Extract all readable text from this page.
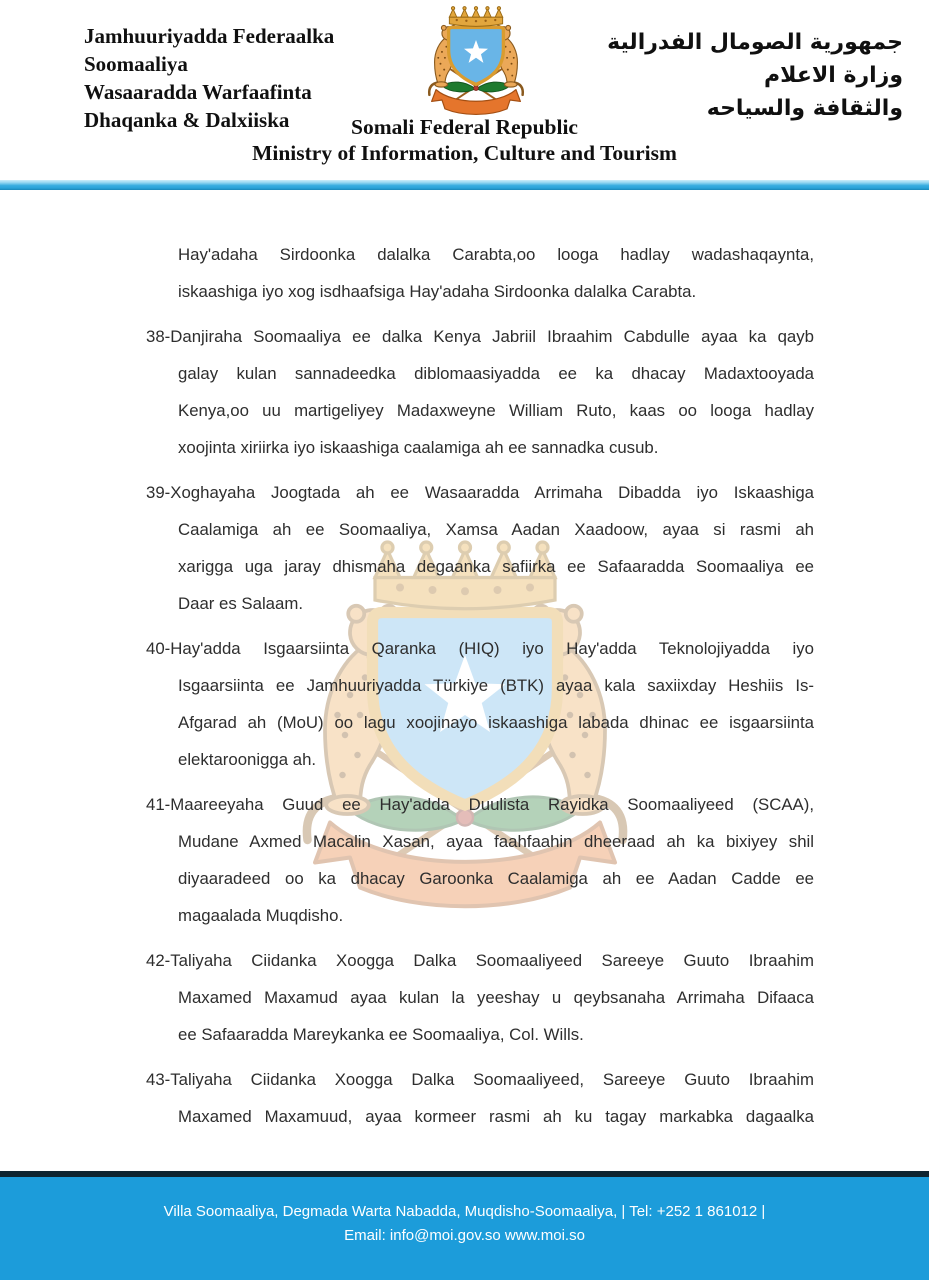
Jamhuuriyadda Federaalka
Soomaaliya
Wasaaradda Warfaafinta
Dhaqanka & Dalxiiska
جمهورية الصومال الفدرالية
وزارة الاعلام
والثقافة والسياحه
Somali Federal Republic
Ministry of Information, Culture and Tourism
Hay'adaha Sirdoonka dalalka Carabta,oo looga hadlay wadashaqaynta,
iskaashiga iyo xog isdhaafsiga Hay'adaha Sirdoonka dalalka Carabta.
38-Danjiraha Soomaaliya ee dalka Kenya Jabriil Ibraahim Cabdulle ayaa ka qayb
galay kulan sannadeedka diblomaasiyadda ee ka dhacay Madaxtooyada
Kenya,oo uu martigeliyey Madaxweyne William Ruto, kaas oo looga hadlay
xoojinta xiriirka iyo iskaashiga caalamiga ah ee sannadka cusub.
39-Xoghayaha Joogtada ah ee Wasaaradda Arrimaha Dibadda iyo Iskaashiga
Caalamiga ah ee Soomaaliya, Xamsa Aadan Xaadoow, ayaa si rasmi ah
xarigga uga jaray dhismaha degaanka safiirka ee Safaaradda Soomaaliya ee
Daar es Salaam.
40-Hay'adda Isgaarsiinta Qaranka (HIQ) iyo Hay'adda Teknolojiyadda iyo
Isgaarsiinta ee Jamhuuriyadda Türkiye (BTK) ayaa kala saxiixday Heshiis Is-
Afgarad ah (MoU) oo lagu xoojinayo iskaashiga labada dhinac ee isgaarsiinta
elektaroonigga ah.
41-Maareeyaha Guud ee Hay'adda Duulista Rayidka Soomaaliyeed (SCAA),
Mudane Axmed Macalin Xasan, ayaa faahfaahin dheeraad ah ka bixiyey shil
diyaaradeed oo ka dhacay Garoonka Caalamiga ah ee Aadan Cadde ee
magaalada Muqdisho.
42-Taliyaha Ciidanka Xoogga Dalka Soomaaliyeed Sareeye Guuto Ibraahim
Maxamed Maxamud ayaa kulan la yeeshay u qeybsanaha Arrimaha Difaaca
ee Safaaradda Mareykanka ee Soomaaliya, Col. Wills.
43-Taliyaha Ciidanka Xoogga Dalka Soomaaliyeed, Sareeye Guuto Ibraahim
Maxamed Maxamuud, ayaa kormeer rasmi ah ku tagay markabka dagaalka
Villa Soomaaliya, Degmada Warta Nabadda, Muqdisho-Soomaaliya, | Tel: +252 1 861012 |
Email: info@moi.gov.so www.moi.so
